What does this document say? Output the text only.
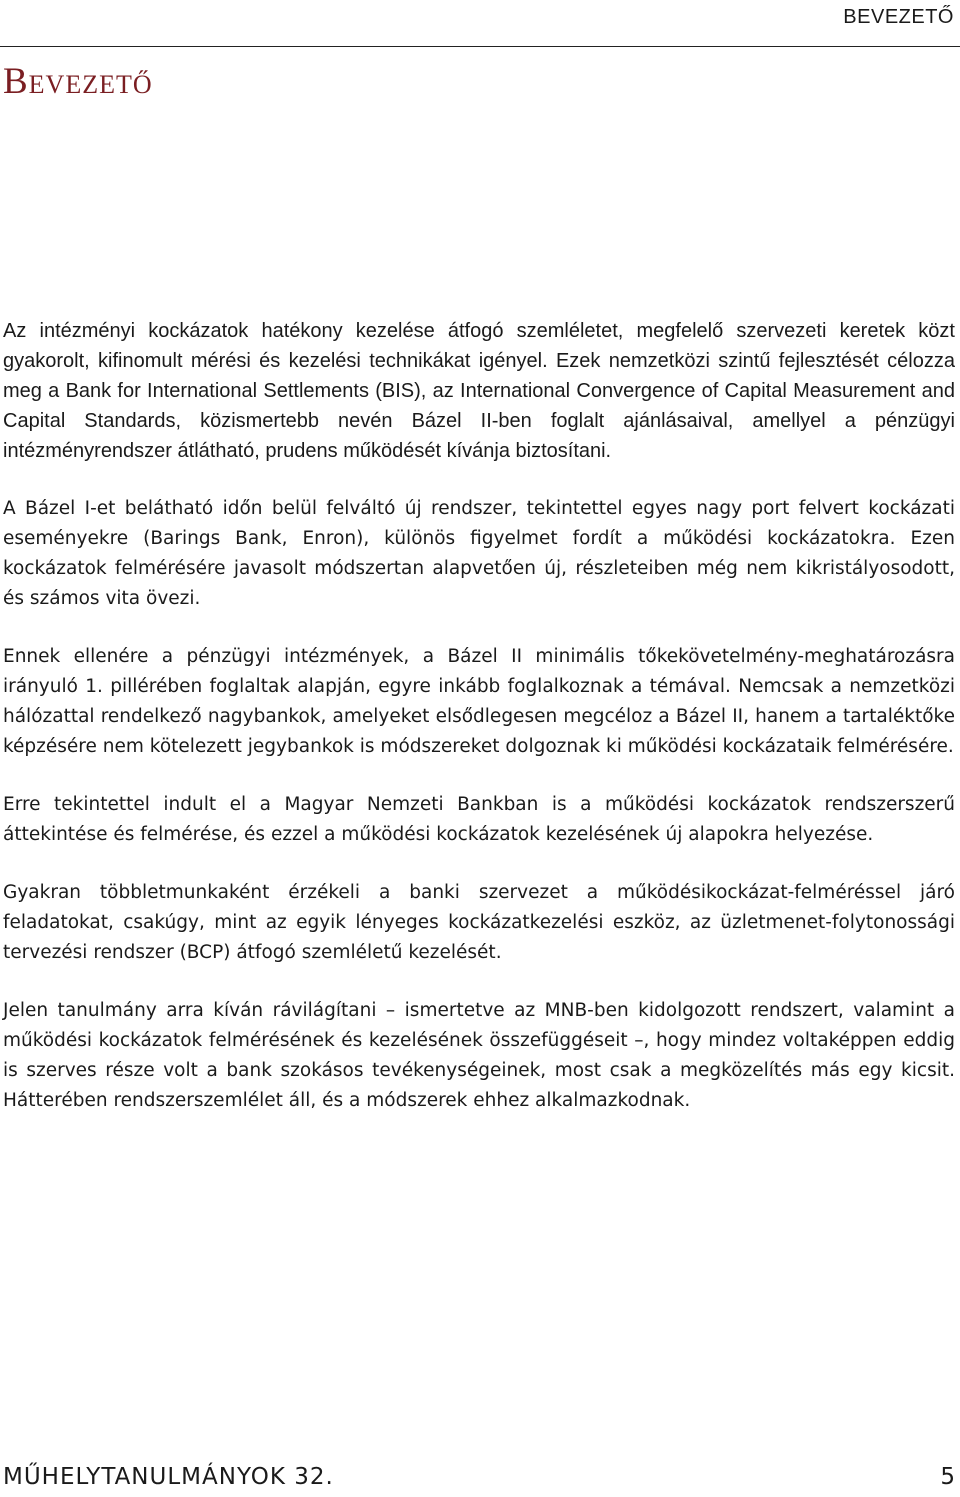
BEVEZETŐ
Bevezető

Az intézményi kockázatok hatékony kezelése átfogó szemléletet, megfelelő szervezeti keretek közt gyakorolt, kifinomult mérési és kezelési technikákat igényel. Ezek nemzetközi szintű fejlesztését célozza meg a Bank for International Settlements (BIS), az International Convergence of Capital Measurement and Capital Standards, közismertebb nevén Bázel II-ben foglalt ajánlásaival, amellyel a pénzügyi intézményrendszer átlátható, prudens működését kívánja biztosítani.

A Bázel I-et belátható időn belül felváltó új rendszer, tekintettel egyes nagy port felvert kockázati eseményekre (Barings Bank, Enron), különös figyelmet fordít a működési kockázatokra. Ezen kockázatok felmérésére javasolt módszertan alapvetően új, részleteiben még nem kikristályosodott, és számos vita övezi.

Ennek ellenére a pénzügyi intézmények, a Bázel II minimális tőkekövetelmény-meghatározásra irányuló 1. pillérében foglaltak alapján, egyre inkább foglalkoznak a témával. Nemcsak a nemzetközi hálózattal rendelkező nagybankok, amelyeket elsődlegesen megcéloz a Bázel II, hanem a tartaléktőke képzésére nem kötelezett jegybankok is módszereket dolgoznak ki működési kockázataik felmérésére.

Erre tekintettel indult el a Magyar Nemzeti Bankban is a működési kockázatok rendszerszerű áttekintése és felmérése, és ezzel a működési kockázatok kezelésének új alapokra helyezése.

Gyakran többletmunkaként érzékeli a banki szervezet a működésikockázat-felméréssel járó feladatokat, csakúgy, mint az egyik lényeges kockázatkezelési eszköz, az üzletmenet-folytonossági tervezési rendszer (BCP) átfogó szemléletű kezelését.

Jelen tanulmány arra kíván rávilágítani – ismertetve az MNB-ben kidolgozott rendszert, valamint a működési kockázatok felmérésének és kezelésének összefüggéseit –, hogy mindez voltaképpen eddig is szerves része volt a bank szokásos tevékenységeinek, most csak a megközelítés más egy kicsit. Hátterében rendszerszemlélet áll, és a módszerek ehhez alkalmazkodnak.

MŰHELYTANULMÁNYOK 32.	5
